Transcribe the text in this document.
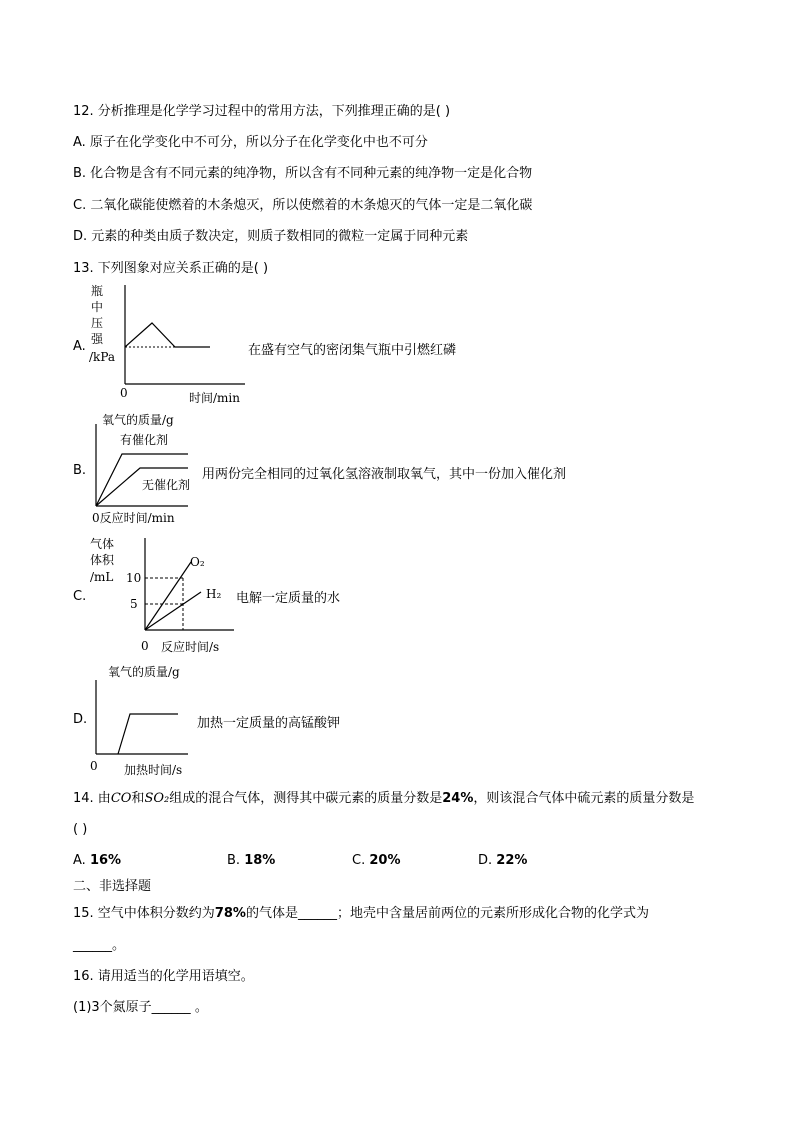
12. 分析推理是化学学习过程中的常用方法，下列推理正确的是( )
A. 原子在化学变化中不可分，所以分子在化学变化中也不可分
B. 化合物是含有不同元素的纯净物，所以含有不同种元素的纯净物一定是化合物
C. 二氧化碳能使燃着的木条熄灭，所以使燃着的木条熄灭的气体一定是二氧化碳
D. 元素的种类由质子数决定，则质子数相同的微粒一定属于同种元素
13. 下列图象对应关系正确的是( )
A.
瓶
中
压
强
/kPa
0	时间/min
在盛有空气的密闭集气瓶中引燃红磷
B.
氧气的质量/g
有催化剂
无催化剂
0反应时间/min
用两份完全相同的过氧化氢溶液制取氧气，其中一份加入催化剂
C.
气体
体积
/mL 10
5
O₂
H₂
0 反应时间/s
电解一定质量的水
D.
氧气的质量/g
0 加热时间/s
加热一定质量的高锰酸钾
14. 由CO和SO₂组成的混合气体，测得其中碳元素的质量分数是24%，则该混合气体中硫元素的质量分数是
( )
A. 16%	B. 18%	C. 20%	D. 22%
二、非选择题
15. 空气中体积分数约为78%的气体是______；地壳中含量居前两位的元素所形成化合物的化学式为
______。
16. 请用适当的化学用语填空。
(1)3个氮原子______ 。
